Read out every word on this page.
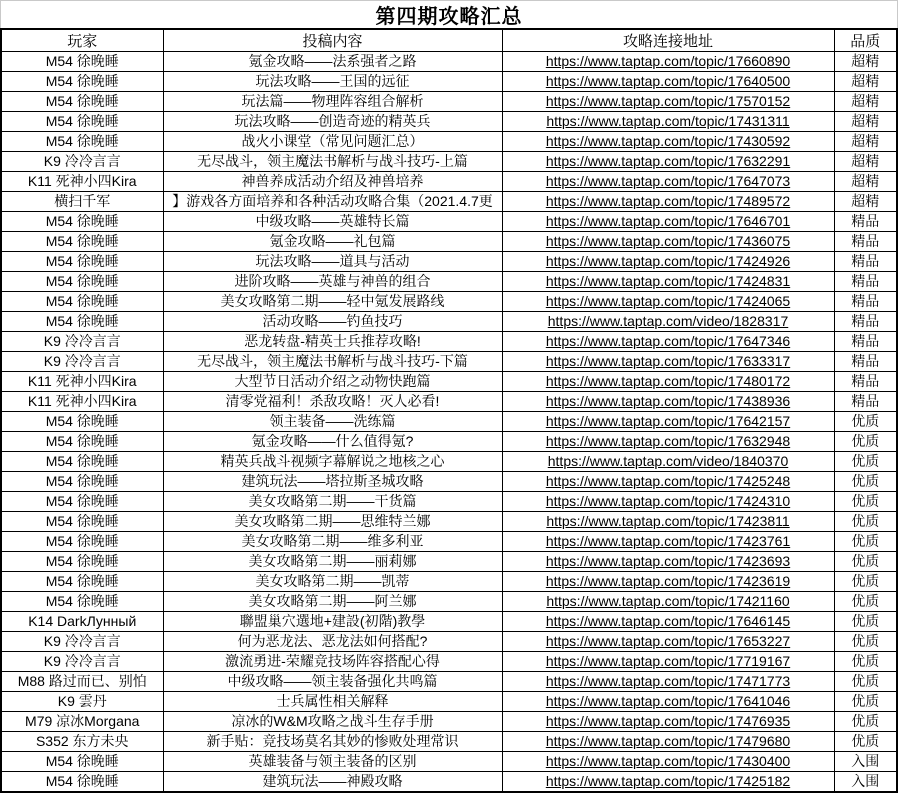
第四期攻略汇总
玩家	投稿内容	攻略连接地址	品质
M54 徐晚睡	氪金攻略——法系强者之路	https://www.taptap.com/topic/17660890	超精
M54 徐晚睡	玩法攻略——王国的远征	https://www.taptap.com/topic/17640500	超精
M54 徐晚睡	玩法篇——物理阵容组合解析	https://www.taptap.com/topic/17570152	超精
M54 徐晚睡	玩法攻略——创造奇迹的精英兵	https://www.taptap.com/topic/17431311	超精
M54 徐晚睡	战火小课堂（常见问题汇总）	https://www.taptap.com/topic/17430592	超精
K9 冷冷言言	无尽战斗，领主魔法书解析与战斗技巧-上篇	https://www.taptap.com/topic/17632291	超精
K11 死神小四Kira	神兽养成活动介绍及神兽培养	https://www.taptap.com/topic/17647073	超精
横扫千军	】游戏各方面培养和各种活动攻略合集（2021.4.7更	https://www.taptap.com/topic/17489572	超精
M54 徐晚睡	中级攻略——英雄特长篇	https://www.taptap.com/topic/17646701	精品
M54 徐晚睡	氪金攻略——礼包篇	https://www.taptap.com/topic/17436075	精品
M54 徐晚睡	玩法攻略——道具与活动	https://www.taptap.com/topic/17424926	精品
M54 徐晚睡	进阶攻略——英雄与神兽的组合	https://www.taptap.com/topic/17424831	精品
M54 徐晚睡	美女攻略第二期——轻中氪发展路线	https://www.taptap.com/topic/17424065	精品
M54 徐晚睡	活动攻略——钓鱼技巧	https://www.taptap.com/video/1828317	精品
K9 冷冷言言	恶龙转盘-精英士兵推荐攻略!	https://www.taptap.com/topic/17647346	精品
K9 冷冷言言	无尽战斗，领主魔法书解析与战斗技巧-下篇	https://www.taptap.com/topic/17633317	精品
K11 死神小四Kira	大型节日活动介绍之动物快跑篇	https://www.taptap.com/topic/17480172	精品
K11 死神小四Kira	清零党福利！杀敌攻略！灭人必看!	https://www.taptap.com/topic/17438936	精品
M54 徐晚睡	领主装备——洗练篇	https://www.taptap.com/topic/17642157	优质
M54 徐晚睡	氪金攻略——什么值得氪?	https://www.taptap.com/topic/17632948	优质
M54 徐晚睡	精英兵战斗视频字幕解说之地核之心	https://www.taptap.com/video/1840370	优质
M54 徐晚睡	建筑玩法——塔拉斯圣城攻略	https://www.taptap.com/topic/17425248	优质
M54 徐晚睡	美女攻略第二期——干货篇	https://www.taptap.com/topic/17424310	优质
M54 徐晚睡	美女攻略第二期——思维特兰娜	https://www.taptap.com/topic/17423811	优质
M54 徐晚睡	美女攻略第二期——维多利亚	https://www.taptap.com/topic/17423761	优质
M54 徐晚睡	美女攻略第二期——丽莉娜	https://www.taptap.com/topic/17423693	优质
M54 徐晚睡	美女攻略第二期——凯蒂	https://www.taptap.com/topic/17423619	优质
M54 徐晚睡	美女攻略第二期——阿兰娜	https://www.taptap.com/topic/17421160	优质
K14 DarkЛунный	聯盟巢穴選地+建設(初階)教學	https://www.taptap.com/topic/17646145	优质
K9 冷冷言言	何为恶龙法、恶龙法如何搭配?	https://www.taptap.com/topic/17653227	优质
K9 冷冷言言	激流勇进-荣耀竞技场阵容搭配心得	https://www.taptap.com/topic/17719167	优质
M88 路过而已、别怕	中级攻略——领主装备强化共鸣篇	https://www.taptap.com/topic/17471773	优质
K9 雲丹	士兵属性相关解释	https://www.taptap.com/topic/17641046	优质
M79 凉冰Morgana	凉冰的W&M攻略之战斗生存手册	https://www.taptap.com/topic/17476935	优质
S352 东方未央	新手贴：竞技场莫名其妙的惨败处理常识	https://www.taptap.com/topic/17479680	优质
M54 徐晚睡	英雄装备与领主装备的区别	https://www.taptap.com/topic/17430400	入围
M54 徐晚睡	建筑玩法——神殿攻略	https://www.taptap.com/topic/17425182	入围
